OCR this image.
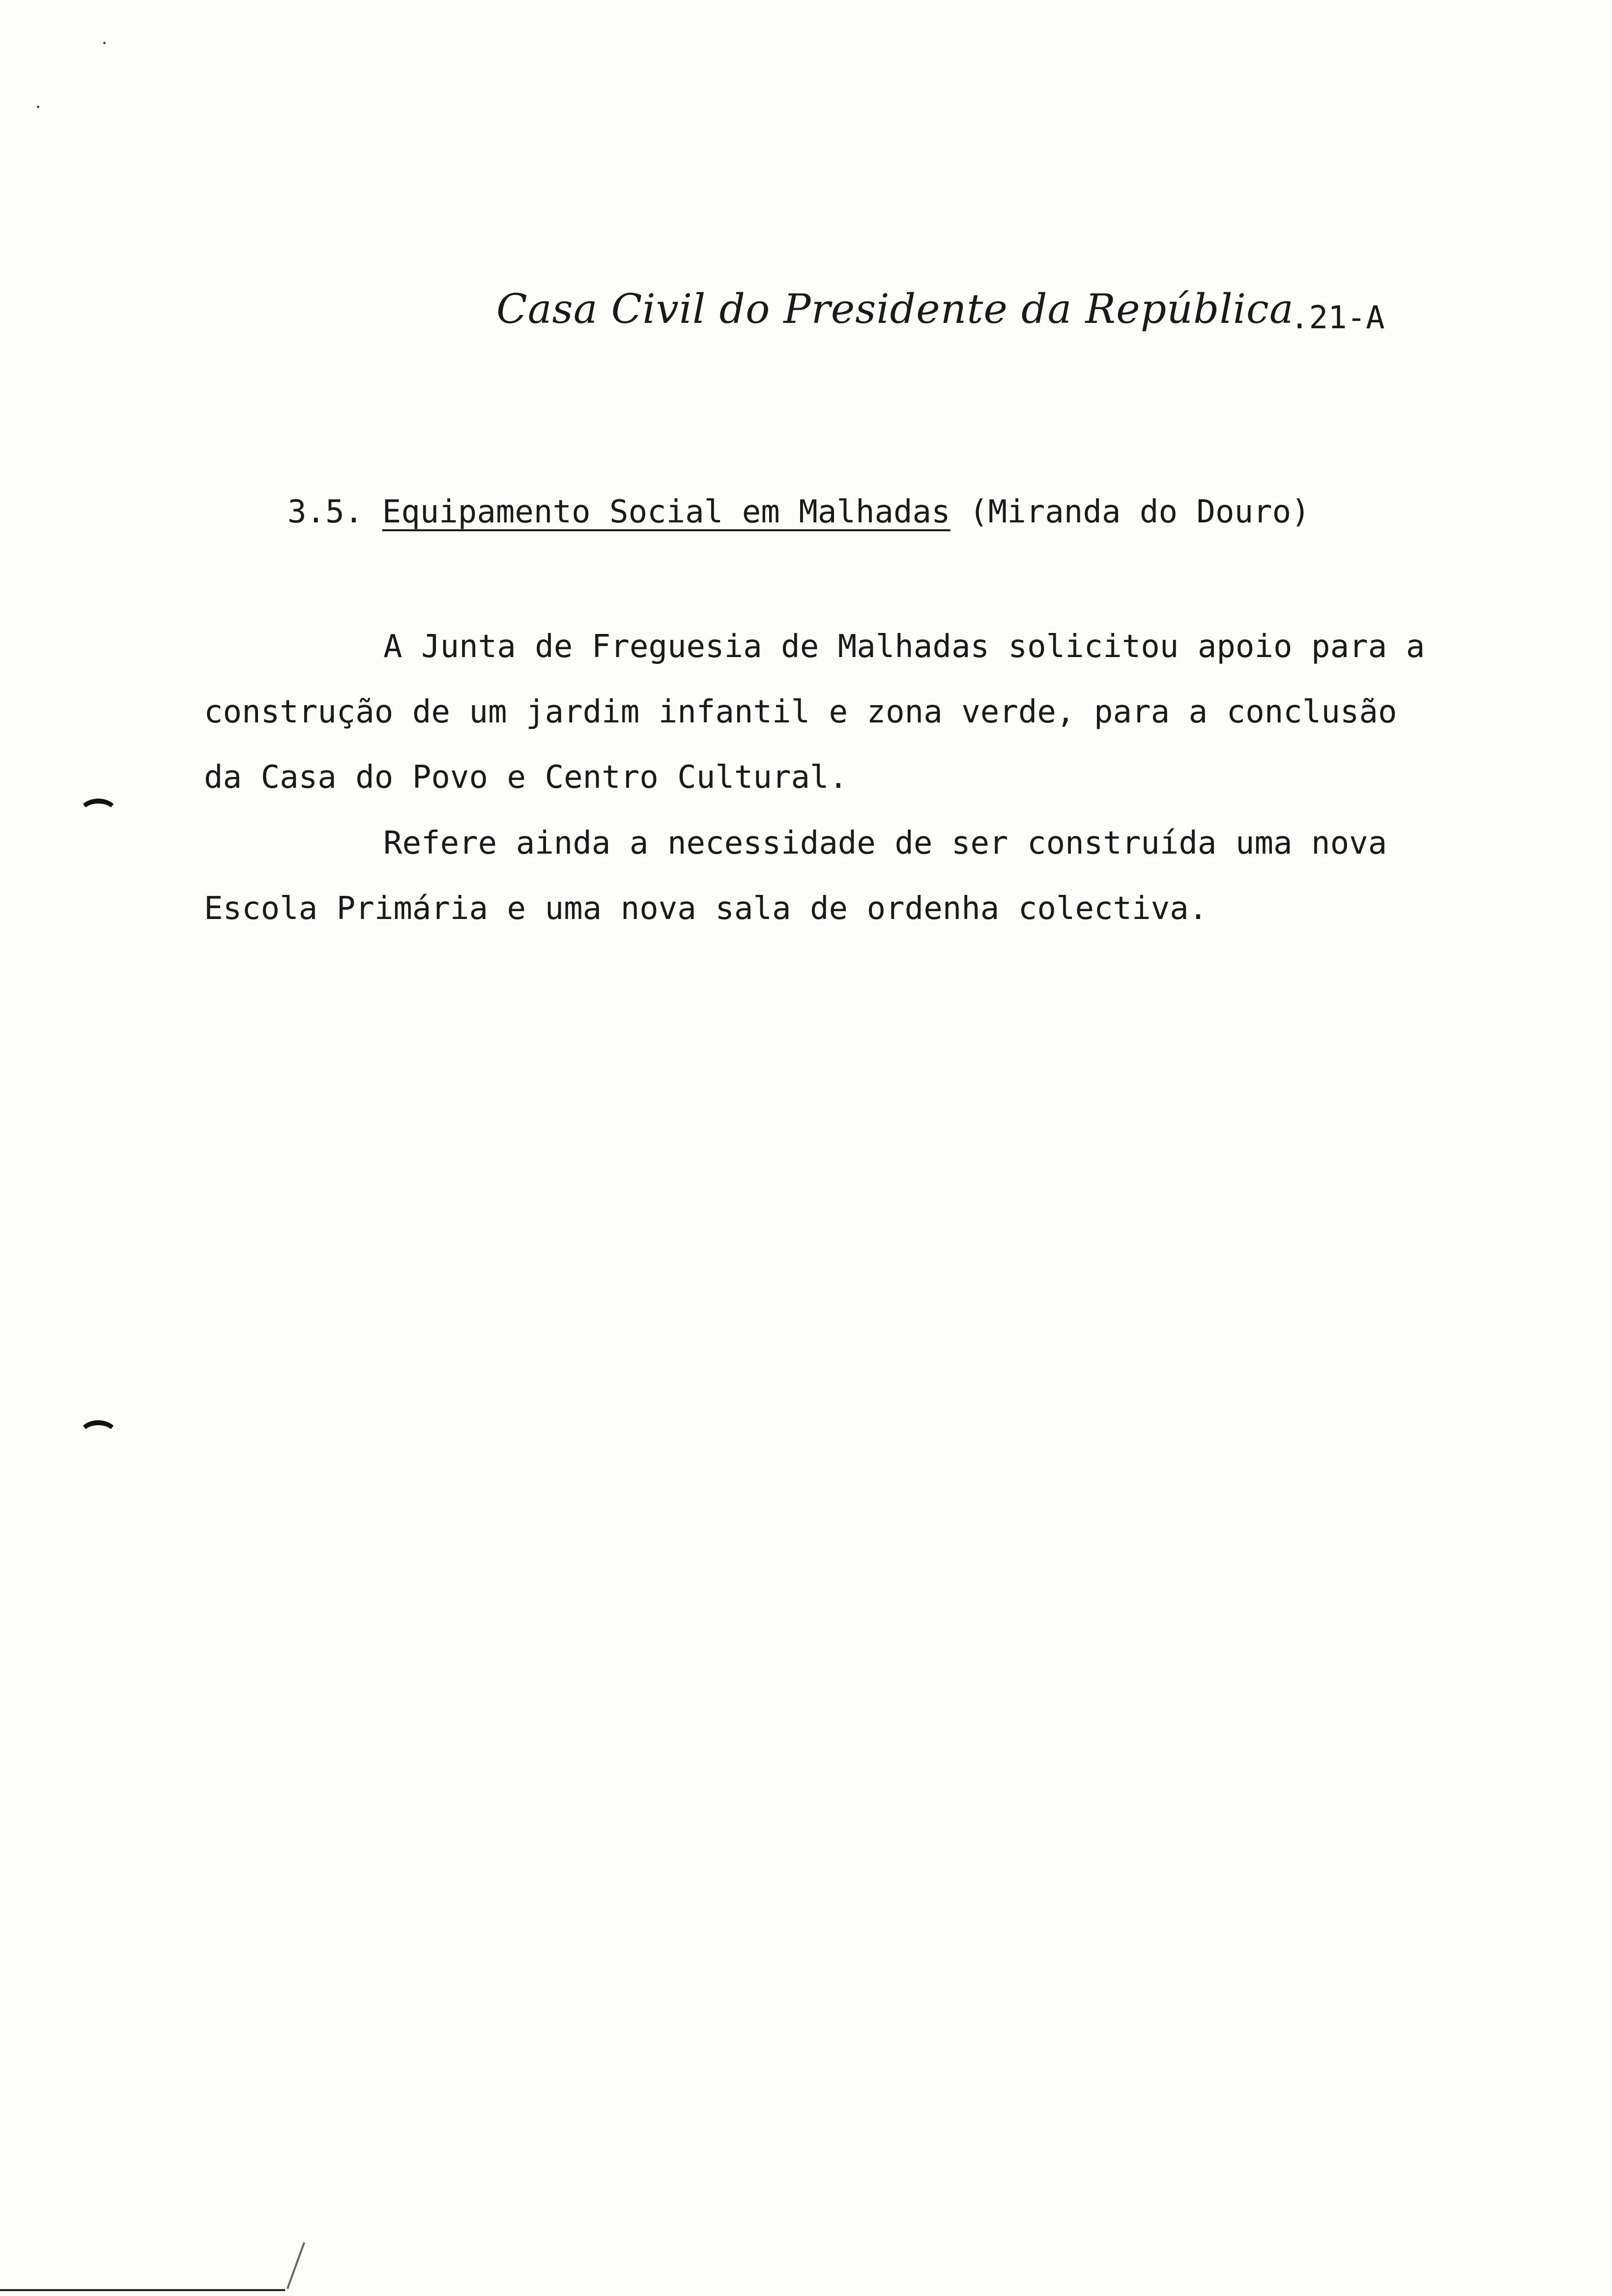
Casa Civil do Presidente da República
.21-A
3.5. Equipamento Social em Malhadas (Miranda do Douro)
A Junta de Freguesia de Malhadas solicitou apoio para a
construção de um jardim infantil e zona verde, para a conclusão
da Casa do Povo e Centro Cultural.
Refere ainda a necessidade de ser construída uma nova
Escola Primária e uma nova sala de ordenha colectiva.
